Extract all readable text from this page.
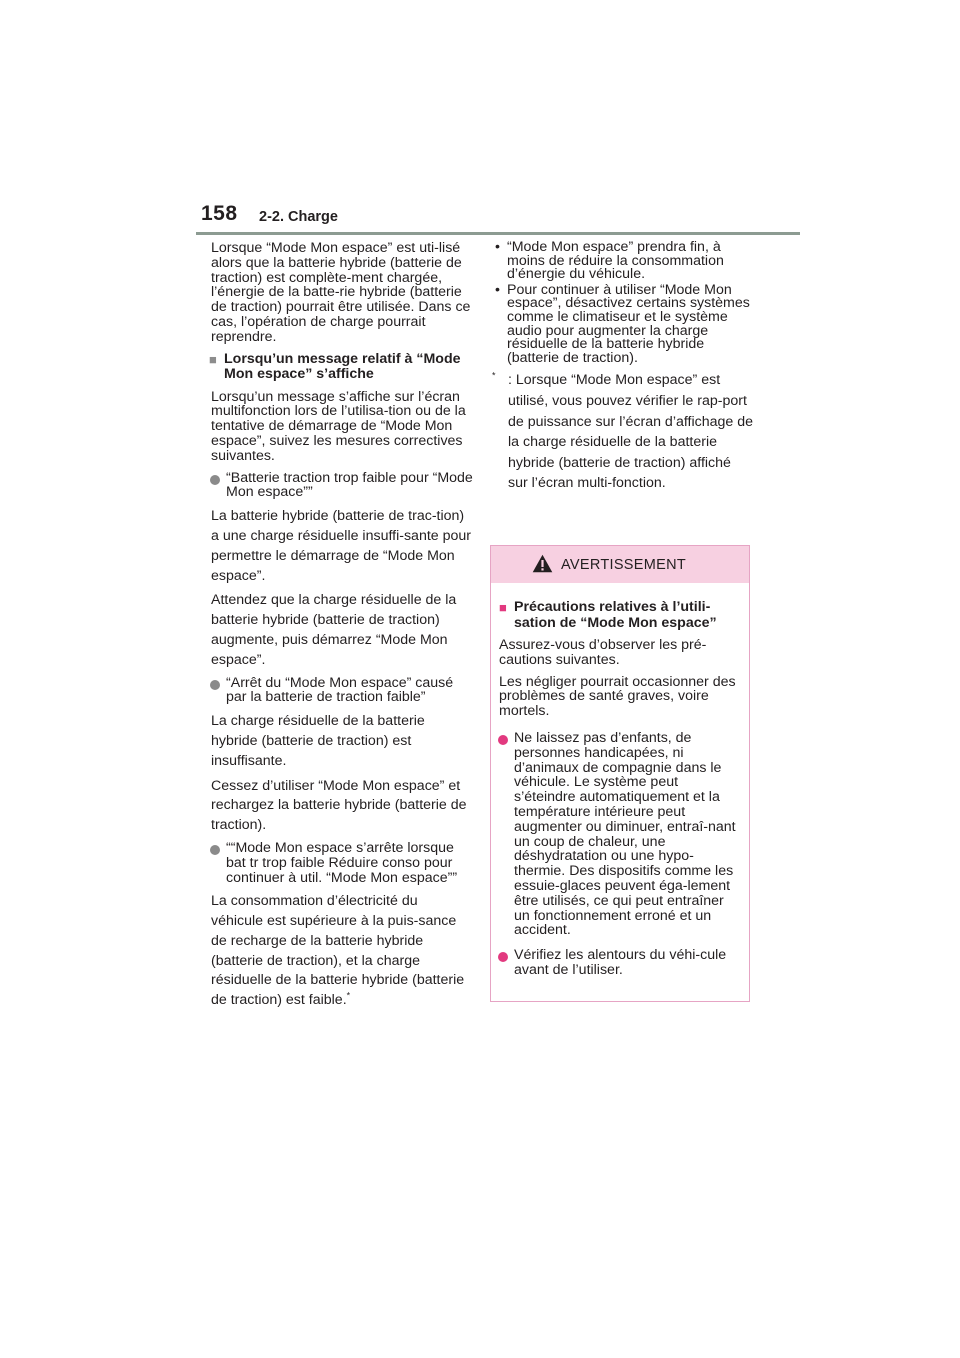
158 2-2. Charge

Lorsque “Mode Mon espace” est uti-lisé alors que la batterie hybride (batterie de traction) est complète-ment chargée, l’énergie de la batte-rie hybride (batterie de traction) pourrait être utilisée. Dans ce cas, l’opération de charge pourrait reprendre.

■ Lorsqu’un message relatif à “Mode Mon espace” s’affiche

Lorsqu’un message s’affiche sur l’écran multifonction lors de l’utilisa-tion ou de la tentative de démarrage de “Mode Mon espace”, suivez les mesures correctives suivantes.

“Batterie traction trop faible pour “Mode Mon espace””

La batterie hybride (batterie de trac-tion) a une charge résiduelle insuffi-sante pour permettre le démarrage de “Mode Mon espace”.

Attendez que la charge résiduelle de la batterie hybride (batterie de traction) augmente, puis démarrez “Mode Mon espace”.

“Arrêt du “Mode Mon espace” causé par la batterie de traction faible”

La charge résiduelle de la batterie hybride (batterie de traction) est insuffisante.

Cessez d’utiliser “Mode Mon espace” et rechargez la batterie hybride (batterie de traction).

““Mode Mon espace s’arrête lorsque bat tr trop faible Réduire conso pour continuer à util. “Mode Mon espace””

La consommation d’électricité du véhicule est supérieure à la puis-sance de recharge de la batterie hybride (batterie de traction), et la charge résiduelle de la batterie hybride (batterie de traction) est faible.*

• “Mode Mon espace” prendra fin, à moins de réduire la consommation d’énergie du véhicule.
• Pour continuer à utiliser “Mode Mon espace”, désactivez certains systèmes comme le climatiseur et le système audio pour augmenter la charge résiduelle de la batterie hybride (batterie de traction).
* : Lorsque “Mode Mon espace” est utilisé, vous pouvez vérifier le rap-port de puissance sur l’écran d’affichage de la charge résiduelle de la batterie hybride (batterie de traction) affiché sur l’écran multi-fonction.
AVERTISSEMENT
■ Précautions relatives à l’utili-sation de “Mode Mon espace”

Assurez-vous d’observer les pré-cautions suivantes.

Les négliger pourrait occasionner des problèmes de santé graves, voire mortels.

Ne laissez pas d’enfants, de personnes handicapées, ni d’animaux de compagnie dans le véhicule. Le système peut s’éteindre automatiquement et la température intérieure peut augmenter ou diminuer, entraî-nant un coup de chaleur, une déshydratation ou une hypo-thermie. Des dispositifs comme les essuie-glaces peuvent éga-lement être utilisés, ce qui peut entraîner un fonctionnement erroné et un accident.
Vérifiez les alentours du véhi-cule avant de l’utiliser.
